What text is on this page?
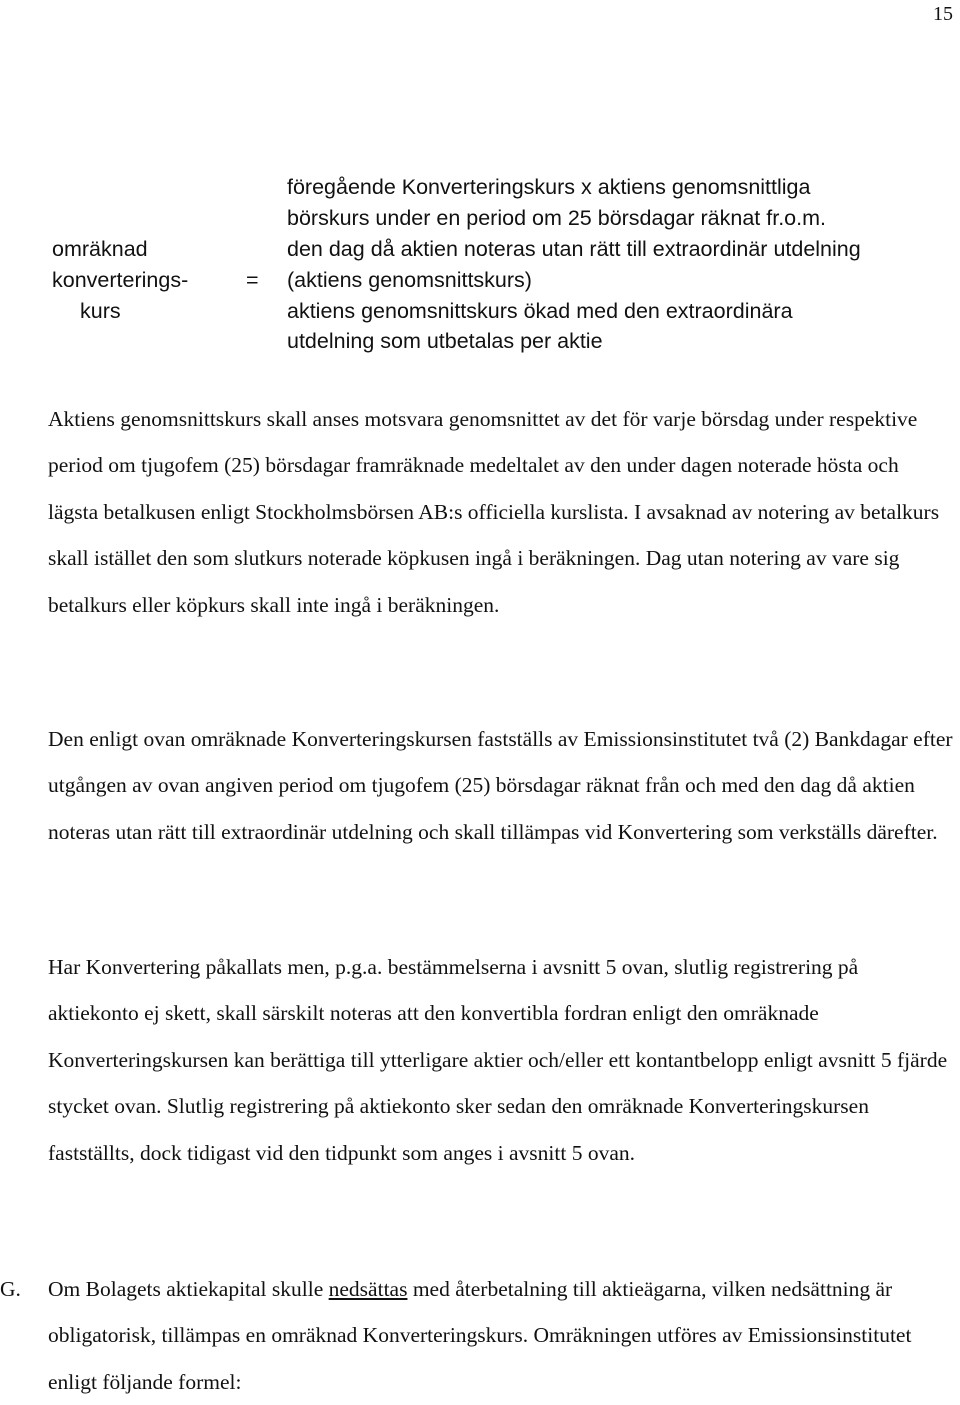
15
omräknad
konverterings-
kurs
=
föregående Konverteringskurs x aktiens genomsnittliga
börskurs under en period om 25 börsdagar räknat fr.o.m.
den dag då aktien noteras utan rätt till extraordinär utdelning
(aktiens genomsnittskurs)
aktiens genomsnittskurs ökad med den extraordinära
utdelning som utbetalas per aktie

Aktiens genomsnittskurs skall anses motsvara genomsnittet av det för varje börsdag under respektive period om tjugofem (25) börsdagar framräknade medeltalet av den under dagen noterade hösta och lägsta betalkusen enligt Stockholmsbörsen AB:s officiella kurslista. I avsaknad av notering av betalkurs skall istället den som slutkurs noterade köpkusen ingå i beräkningen. Dag utan notering av vare sig betalkurs eller köpkurs skall inte ingå i beräkningen.

Den enligt ovan omräknade Konverteringskursen fastställs av Emissionsinstitutet två (2) Bankdagar efter utgången av ovan angiven period om tjugofem (25) börsdagar räknat från och med den dag då aktien noteras utan rätt till extraordinär utdelning och skall tillämpas vid Konvertering som verkställs därefter.

Har Konvertering påkallats men, p.g.a. bestämmelserna i avsnitt 5 ovan, slutlig registrering på aktiekonto ej skett, skall särskilt noteras att den konvertibla fordran enligt den omräknade Konverteringskursen kan berättiga till ytterligare aktier och/eller ett kontantbelopp enligt avsnitt 5 fjärde stycket ovan. Slutlig registrering på aktiekonto sker sedan den omräknade Konverteringskursen fastställts, dock tidigast vid den tidpunkt som anges i avsnitt 5 ovan.

G. Om Bolagets aktiekapital skulle nedsättas med återbetalning till aktieägarna, vilken nedsättning är obligatorisk, tillämpas en omräknad Konverteringskurs. Omräkningen utföres av Emissionsinstitutet enligt följande formel:
